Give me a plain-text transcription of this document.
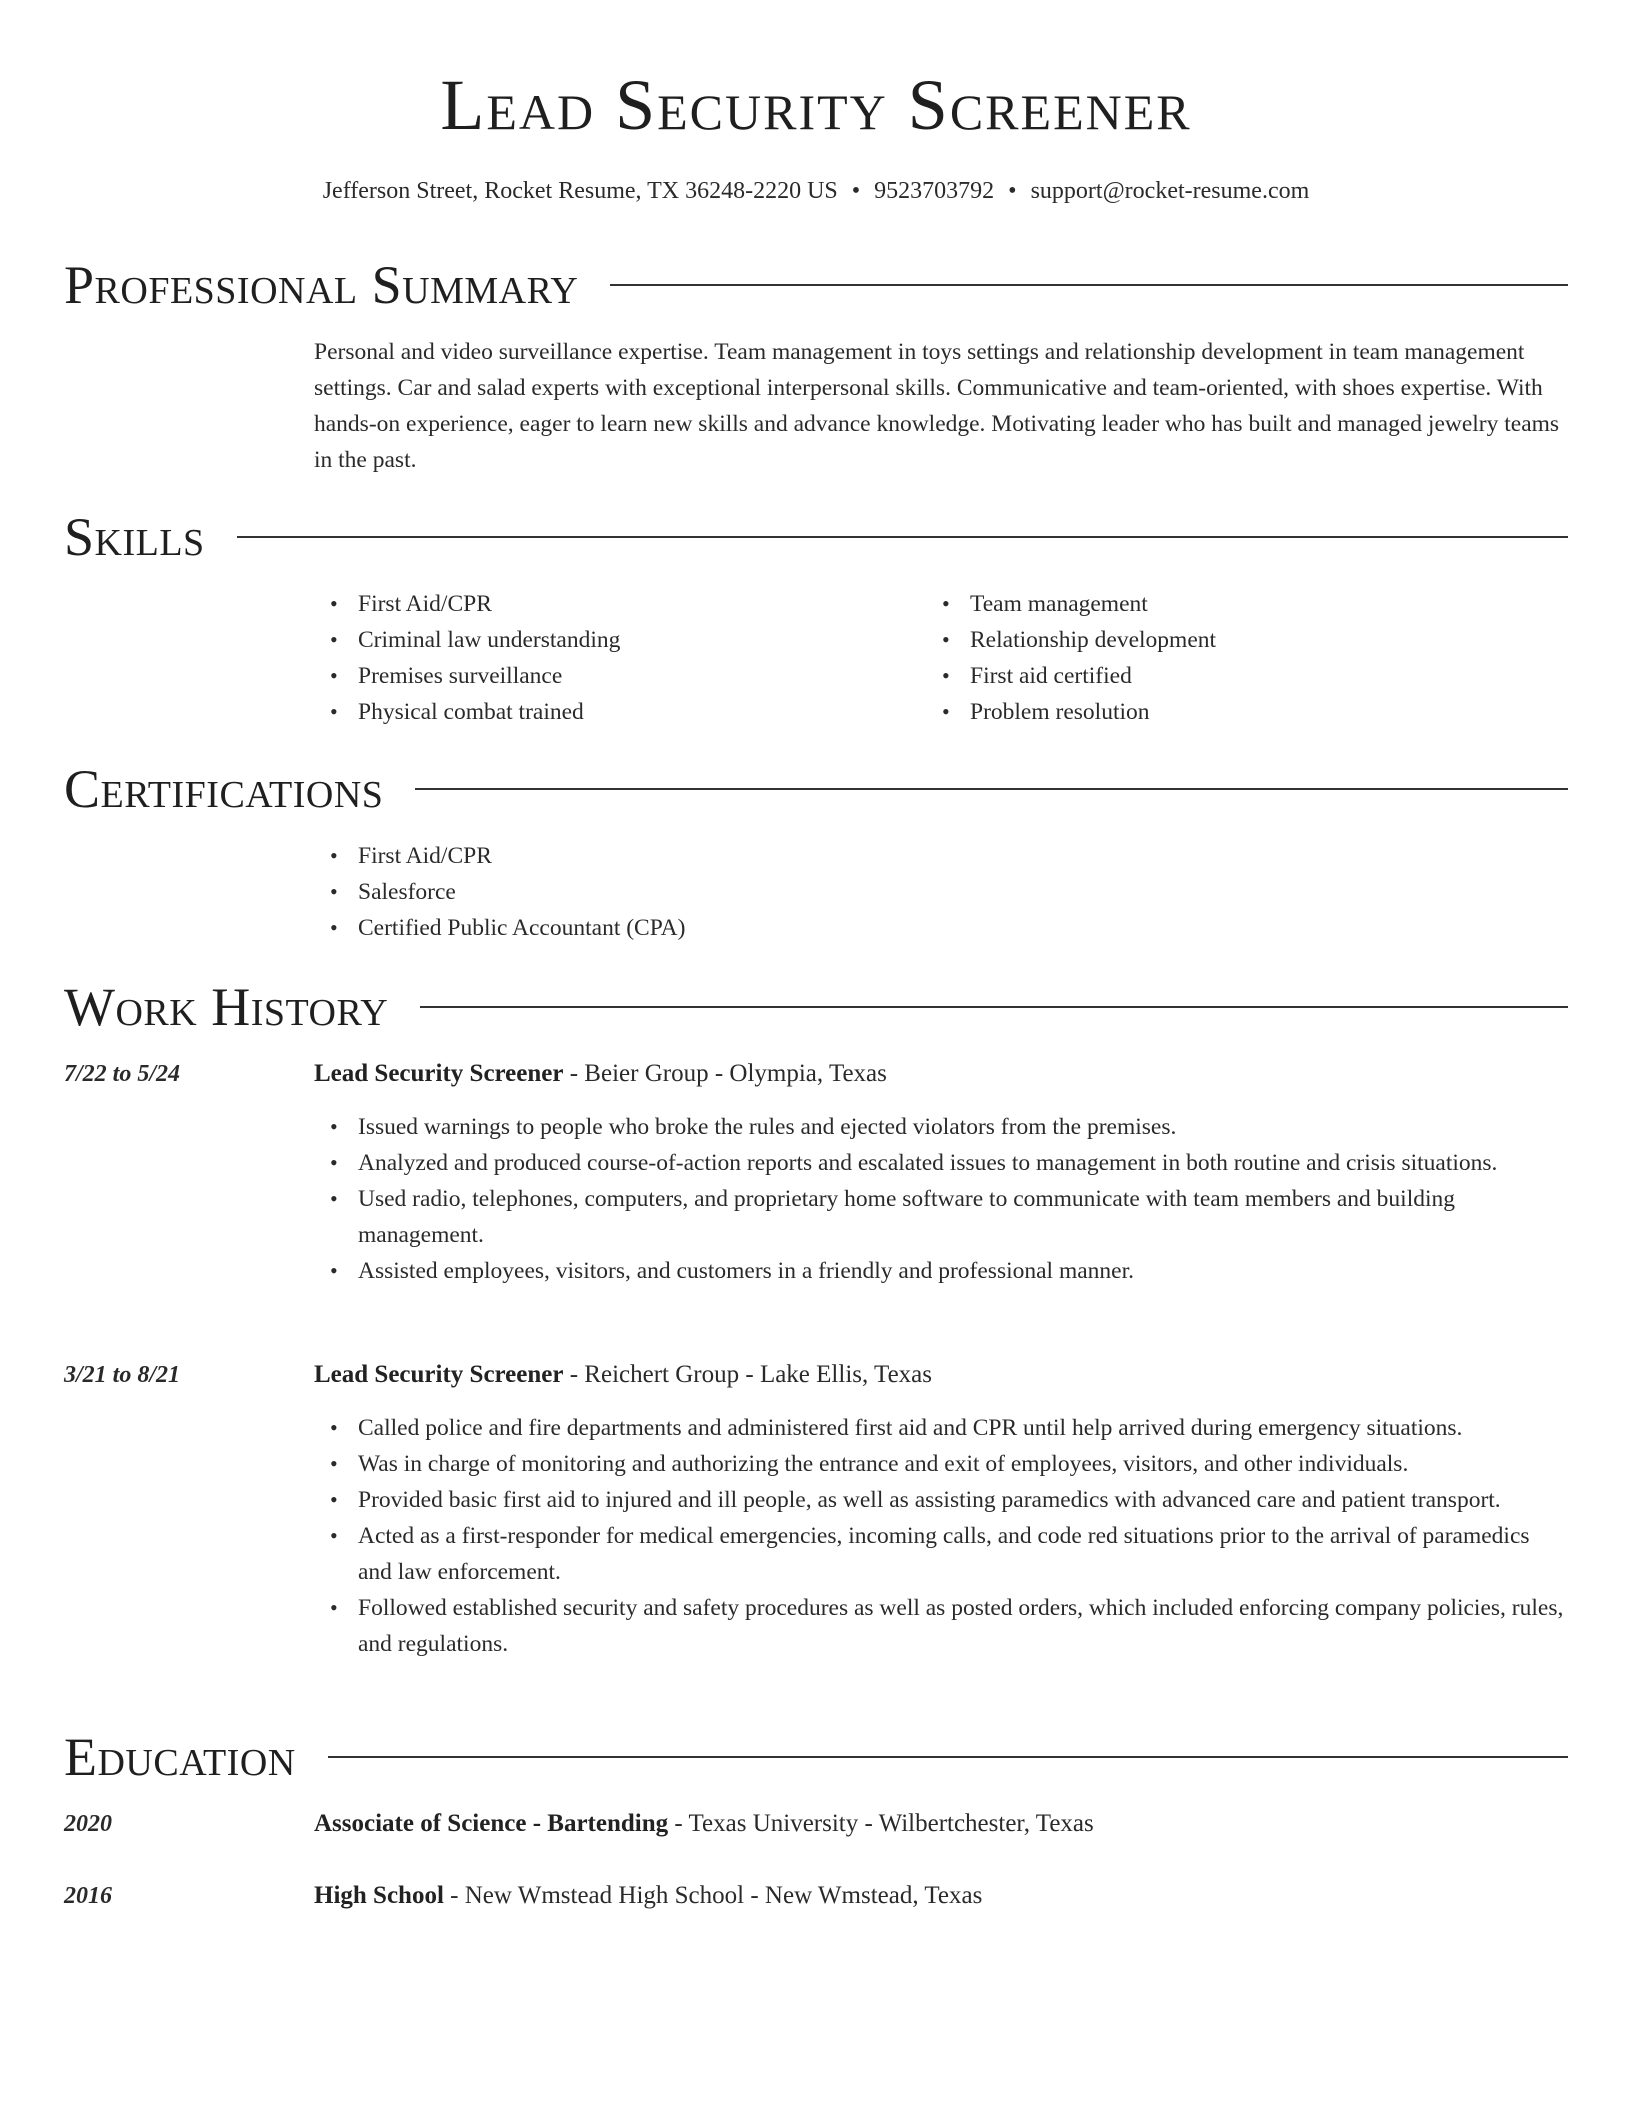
Lead Security Screener
Jefferson Street, Rocket Resume, TX 36248-2220 US • 9523703792 • support@rocket-resume.com
Professional Summary
Personal and video surveillance expertise. Team management in toys settings and relationship development in team management settings. Car and salad experts with exceptional interpersonal skills. Communicative and team-oriented, with shoes expertise. With hands-on experience, eager to learn new skills and advance knowledge. Motivating leader who has built and managed jewelry teams in the past.
Skills
• First Aid/CPR
• Criminal law understanding
• Premises surveillance
• Physical combat trained
• Team management
• Relationship development
• First aid certified
• Problem resolution
Certifications
• First Aid/CPR
• Salesforce
• Certified Public Accountant (CPA)
Work History
7/22 to 5/24	Lead Security Screener - Beier Group - Olympia, Texas
• Issued warnings to people who broke the rules and ejected violators from the premises.
• Analyzed and produced course-of-action reports and escalated issues to management in both routine and crisis situations.
• Used radio, telephones, computers, and proprietary home software to communicate with team members and building management.
• Assisted employees, visitors, and customers in a friendly and professional manner.
3/21 to 8/21	Lead Security Screener - Reichert Group - Lake Ellis, Texas
• Called police and fire departments and administered first aid and CPR until help arrived during emergency situations.
• Was in charge of monitoring and authorizing the entrance and exit of employees, visitors, and other individuals.
• Provided basic first aid to injured and ill people, as well as assisting paramedics with advanced care and patient transport.
• Acted as a first-responder for medical emergencies, incoming calls, and code red situations prior to the arrival of paramedics and law enforcement.
• Followed established security and safety procedures as well as posted orders, which included enforcing company policies, rules, and regulations.
Education
2020	Associate of Science - Bartending - Texas University - Wilbertchester, Texas
2016	High School - New Wmstead High School - New Wmstead, Texas
